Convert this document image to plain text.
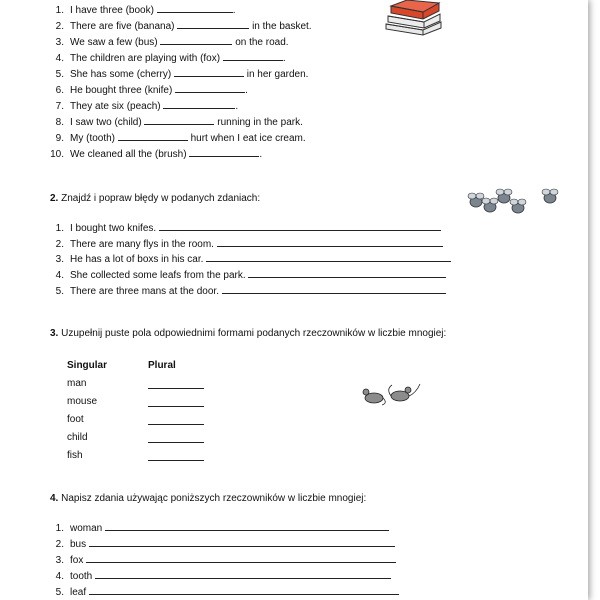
1. I have three (book)	.
2. There are five (banana)	in the basket.
3. We saw a few (bus)	on the road.
4. The children are playing with (fox)	.
5. She has some (cherry)	in her garden.
6. He bought three (knife)	.
7. They ate six (peach)	.
8. I saw two (child)	running in the park.
9. My (tooth)	hurt when I eat ice cream.
10. We cleaned all the (brush)	.
2. Znajdź i popraw błędy w podanych zdaniach:
1. I bought two knifes.
2. There are many flys in the room.
3. He has a lot of boxs in his car.
4. She collected some leafs from the park.
5. There are three mans at the door.
3. Uzupełnij puste pola odpowiednimi formami podanych rzeczowników w liczbie mnogiej:
Singular	Plural
man
mouse
foot
child
fish
4. Napisz zdania używając poniższych rzeczowników w liczbie mnogiej:
1. woman
2. bus
3. fox
4. tooth
5. leaf
